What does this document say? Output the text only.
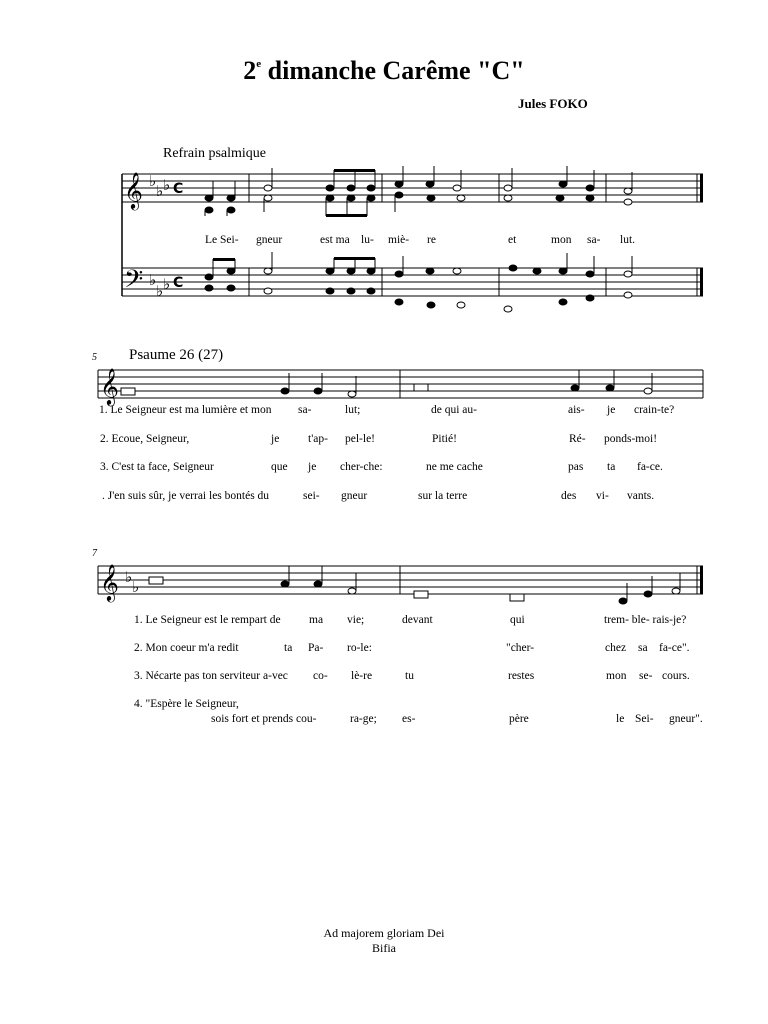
2e dimanche Carême "C"
Jules FOKO
Refrain psalmique
Psaume 26 (27)
5
7
Le Sei- gneur	est ma lu- miè- re	et	mon sa- lut.
1. Le Seigneur est ma lumière et mon sa-	lut;	de qui au-	ais- je crain-te?
2. Ecoue, Seigneur,	je t'ap- pel-le!	Pitié!	Ré- ponds-moi!
3. C'est ta face, Seigneur	que je cher-che:	ne me cache	pas ta fa-ce.
. J'en suis sûr, je verrai les bontés du	sei- gneur	sur la terre	des vi- vants.
1. Le Seigneur est le rempart de ma vie;	devant	qui	trem- ble- rais-je?
2. Mon coeur m'a redit	ta Pa- ro-le:	"cher-	chez sa fa-ce".
3. Nécarte pas ton serviteur a-vec co- lè-re	tu	restes	mon se- cours.
4. "Espère le Seigneur,
sois fort et prends cou-	ra-ge; es-	père	le Sei- gneur".
Ad majorem gloriam Dei
Bifia
𝄞
𝄢
𝄞
𝄞
♭
♭ ♭
♭
♭ ♭
♭
♭
C
C
